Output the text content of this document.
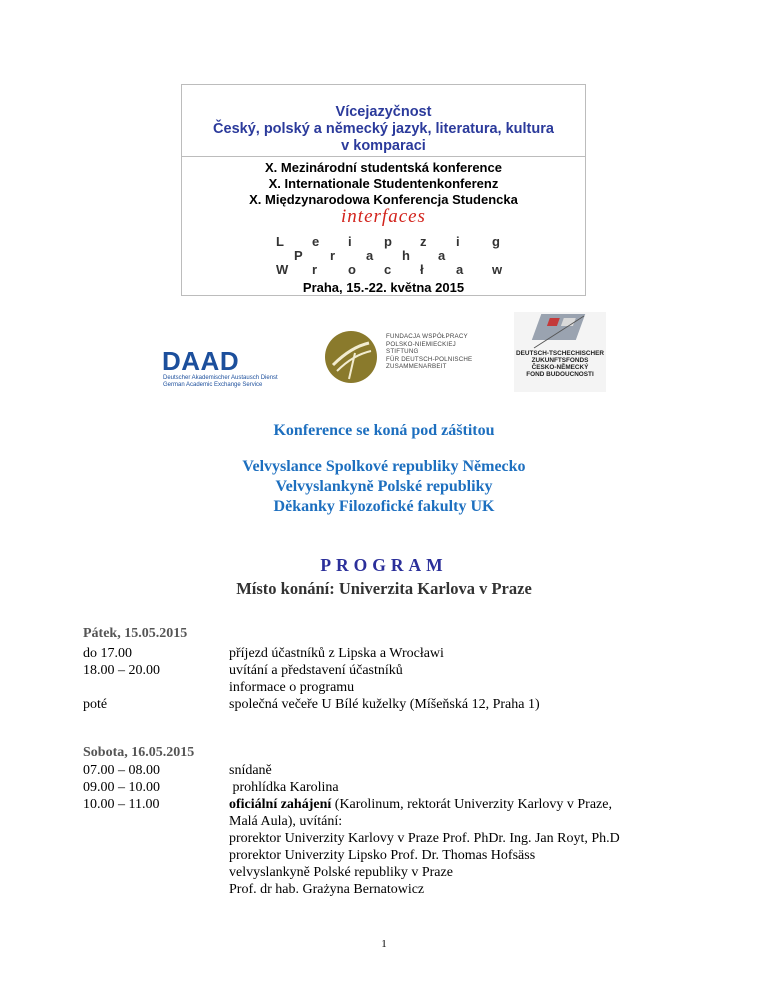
Vícejazyčnost
Český, polský a německý jazyk, literatura, kultura
v komparaci
X. Mezinárodní studentská konference
X. Internationale Studentenkonferenz
X. Międzynarodowa Konferencja Studencka
interfaces
L e i p z i g
P r a h a
W r o c ł a w
Praha, 15.-22. května 2015
DAAD
Deutscher Akademischer Austausch Dienst
German Academic Exchange Service
FUNDACJA WSPÓŁPRACY
POLSKO-NIEMIECKIEJ
STIFTUNG
FÜR DEUTSCH-POLNISCHE
ZUSAMMENARBEIT
DEUTSCH-TSCHECHISCHER
ZUKUNFTSFONDS
ČESKO-NĚMECKÝ
FOND BUDOUCNOSTI
Konference se koná pod záštitou
Velvyslance Spolkové republiky Německo
Velvyslankyně Polské republiky
Děkanky Filozofické fakulty UK
PROGRAM
Místo konání: Univerzita Karlova v Praze
Pátek, 15.05.2015
do 17.00	příjezd účastníků z Lipska a Wrocławi
18.00 – 20.00	uvítání a představení účastníků
informace o programu
poté	společná večeře U Bílé kuželky (Míšeňská 12, Praha 1)
Sobota, 16.05.2015
07.00 – 08.00	snídaně
09.00 – 10.00	prohlídka Karolina
10.00 – 11.00	oficiální zahájení (Karolinum, rektorát Univerzity Karlovy v Praze,
Malá Aula), uvítání:
prorektor Univerzity Karlovy v Praze Prof. PhDr. Ing. Jan Royt, Ph.D
prorektor Univerzity Lipsko Prof. Dr. Thomas Hofsäss
velvyslankyně Polské republiky v Praze
Prof. dr hab. Grażyna Bernatowicz
1
